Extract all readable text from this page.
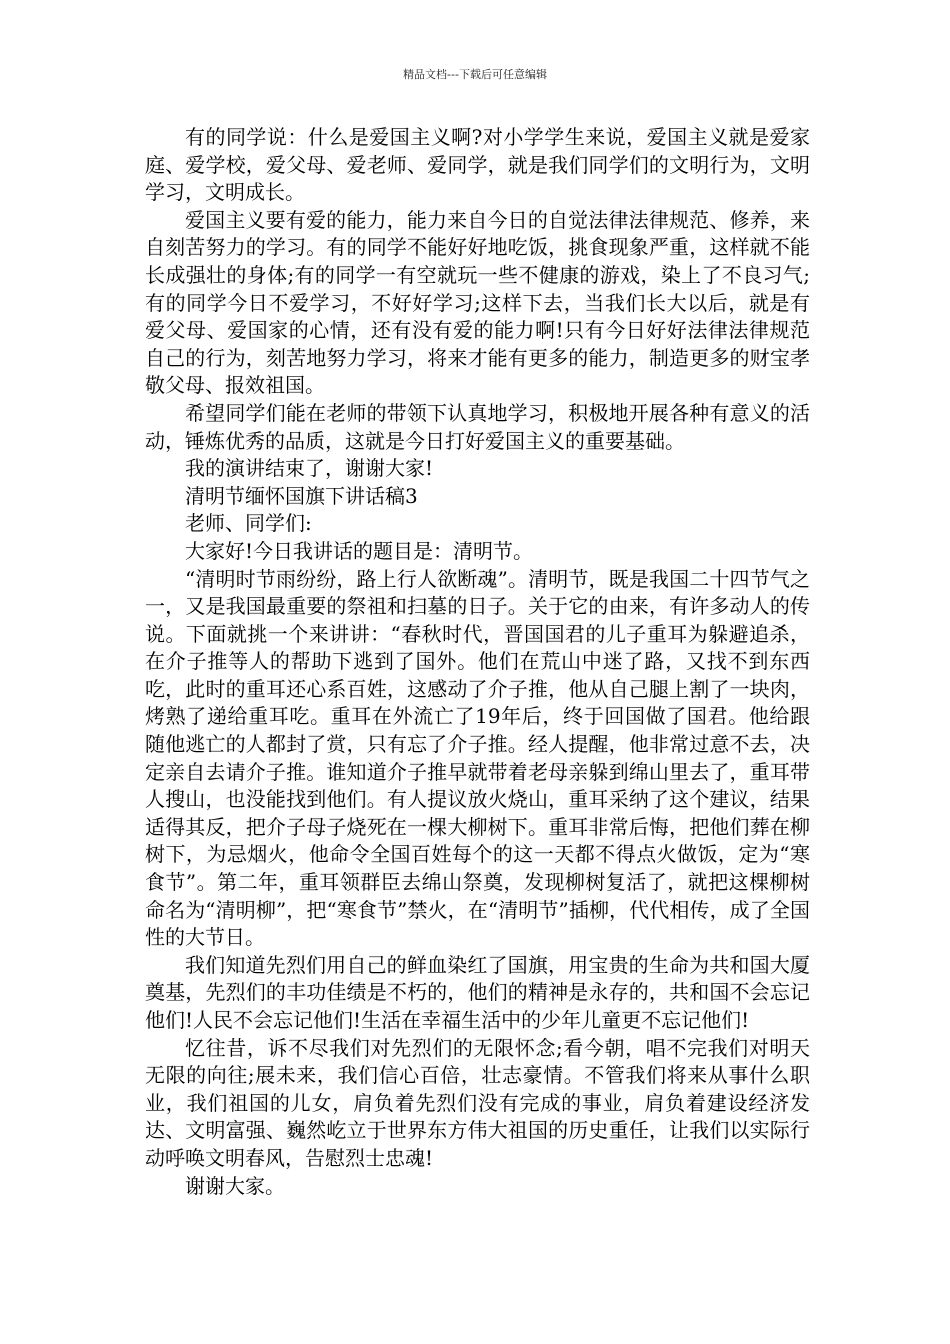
精品文档---下载后可任意编辑

有的同学说：什么是爱国主义啊?对小学学生来说，爱国主义就是爱家庭、爱学校，爱父母、爱老师、爱同学，就是我们同学们的文明行为，文明学习，文明成长。

爱国主义要有爱的能力，能力来自今日的自觉法律法律规范、修养，来自刻苦努力的学习。有的同学不能好好地吃饭，挑食现象严重，这样就不能长成强壮的身体;有的同学一有空就玩一些不健康的游戏，染上了不良习气;有的同学今日不爱学习，不好好学习;这样下去，当我们长大以后，就是有爱父母、爱国家的心情，还有没有爱的能力啊!只有今日好好法律法律规范自己的行为，刻苦地努力学习，将来才能有更多的能力，制造更多的财宝孝敬父母、报效祖国。

希望同学们能在老师的带领下认真地学习，积极地开展各种有意义的活动，锤炼优秀的品质，这就是今日打好爱国主义的重要基础。

我的演讲结束了，谢谢大家!

清明节缅怀国旗下讲话稿3

老师、同学们:

大家好!今日我讲话的题目是：清明节。

“清明时节雨纷纷，路上行人欲断魂”。清明节，既是我国二十四节气之一，又是我国最重要的祭祖和扫墓的日子。关于它的由来，有许多动人的传说。下面就挑一个来讲讲：“春秋时代，晋国国君的儿子重耳为躲避追杀，在介子推等人的帮助下逃到了国外。他们在荒山中迷了路，又找不到东西吃，此时的重耳还心系百姓，这感动了介子推，他从自己腿上割了一块肉，烤熟了递给重耳吃。重耳在外流亡了19年后，终于回国做了国君。他给跟随他逃亡的人都封了赏，只有忘了介子推。经人提醒，他非常过意不去，决定亲自去请介子推。谁知道介子推早就带着老母亲躲到绵山里去了，重耳带人搜山，也没能找到他们。有人提议放火烧山，重耳采纳了这个建议，结果适得其反，把介子母子烧死在一棵大柳树下。重耳非常后悔，把他们葬在柳树下，为忌烟火，他命令全国百姓每个的这一天都不得点火做饭，定为“寒食节”。第二年，重耳领群臣去绵山祭奠，发现柳树复活了，就把这棵柳树命名为“清明柳”，把“寒食节”禁火，在“清明节”插柳，代代相传，成了全国性的大节日。

我们知道先烈们用自己的鲜血染红了国旗，用宝贵的生命为共和国大厦奠基，先烈们的丰功佳绩是不朽的，他们的精神是永存的，共和国不会忘记他们!人民不会忘记他们!生活在幸福生活中的少年儿童更不忘记他们!

忆往昔，诉不尽我们对先烈们的无限怀念;看今朝，唱不完我们对明天无限的向往;展未来，我们信心百倍，壮志豪情。不管我们将来从事什么职业，我们祖国的儿女，肩负着先烈们没有完成的事业，肩负着建设经济发达、文明富强、巍然屹立于世界东方伟大祖国的历史重任，让我们以实际行动呼唤文明春风，告慰烈士忠魂!

谢谢大家。
